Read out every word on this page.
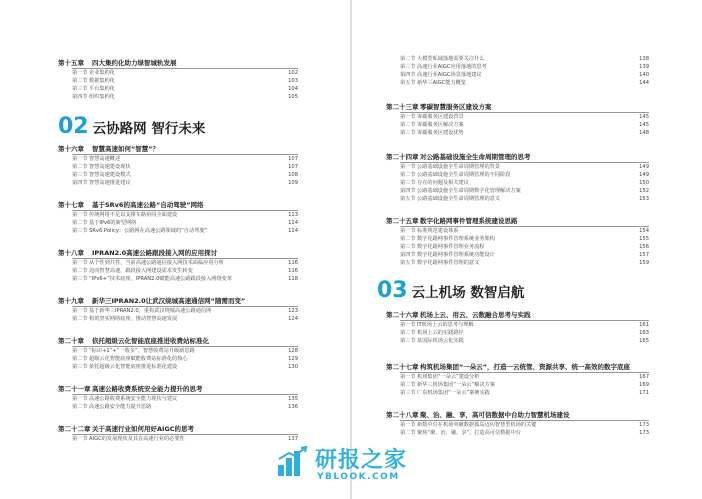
第十五章 四大集约化助力绿智城轨发展
第一节企业集约化	102
第二节数据集约化	103
第三节平台集约化	104
第四节组织集约化	105
02 云协路网 智行未来
第十六章 智慧高速如何“智慧”？
第一节智慧高速概述	107
第二节智慧高速建设现状	107
第三节智慧高速建设模式	108
第四节智慧高速推进建议	109
第十七章 基于SRv6的高速公路“自动驾驶”网络
第一节传统网络不足以支撑车路协同全面建设	113
第二节基于IPv6的新型网络	114
第三节SRv6 Policy：公路网在高速公路领域的“自动驾驶”	114
第十八章 IPRAN2.0高速公路跟段接入网的应用探讨
第一节从个性到共性，当前高速公路通信接入网技术面临应用分析	116
第二节迈向智慧高速，跟段接入网建设需求发生转变	116
第三节“IPv6+”技术底座，IPRAN2.0赋能高速公路跟段接入网络变革	118
第十九章 新华三IPRAN2.0让武汉绕城高速通信网“随需而变”
第一节基于新华三IPRAN2.0，重构武汉绕城高速公路通信网	123
第二节构筑坚实网络底座，推动智慧高速发展	124
第二十章 依托超级云化智能底座推进收费站标准化
第一节“标识+1”+“一收多”，智慧收费站升级新思路	128
第二节超级云化智能底座赋能收费站标准化的核心	129
第三节依托超级云化智能底座推进标准化建设	130
第二十一章 高速公路收费系统安全能力提升的思考
第一节高速公路收费系统安全能力现状与建议	135
第二节高速公路安全能力提升思路	136
第二十二章 关于高速行业如何用好AIGC的思考
第一节AIGC的发展现状及其在高速行业的必要性	137
第二节大模型私域落地需要关注什么	138
第三节高速行业AIGC应用落地的思考	139
第四节高速行业AIGC场景落地建议	140
第五节新华三AIGC能力概览	144
第二十三章 零碳智慧服务区建设方案
第一节零碳服务区建设背景	145
第二节零碳服务区解决方案	145
第三节零碳服务区建设优势	148
第二十四章 对公路基础设施全生命周期管理的思考
第一节公路基础设施全生命周期管理的背景	149
第二节公路基础设施全生命周期管理的不同阶段	149
第三节存在的问题及相关建议	150
第四节公路基础设施全生命周期数字化管理解决方案	152
第五节公路基础设施全生命周期管理的意义	153
第二十五章 数字化路网事件管理系统建设思路
第一节标准规范建设体系	154
第二节数字化路网事件管理系统业务架构	155
第三节数字化路网事件管理业务流程	156
第四节数字化路网事件管理系统功能设计	157
第五节数字化路网事件管理的意义	159
03 云上机场 数智启航
第二十六章 机场上云、用云、云数融合思考与实践
第一节IT机场上云的思考与理解	161
第二节机场上云的实践路径	163
第三节某国际机场云化实践	165
第二十七章 构筑机场集团“一朵云”，打造一云统管、资源共享、统一高效的数字底座
第一节机场集团“一朵云”建设分析	167
第二节新华三机场集团“一朵云”解决方案	169
第三节广东机场集团“一朵云”案例实践	171
第二十八章 聚、治、融、享，高可信数据中台助力智慧机场建设
第一节新数中台在机场突破数据孤岛迈向智慧型机场的关键	173
第二节聚焦“聚、治、融、享”，打造高可信数据中台	173
研报之家
YBLOOK.COM
